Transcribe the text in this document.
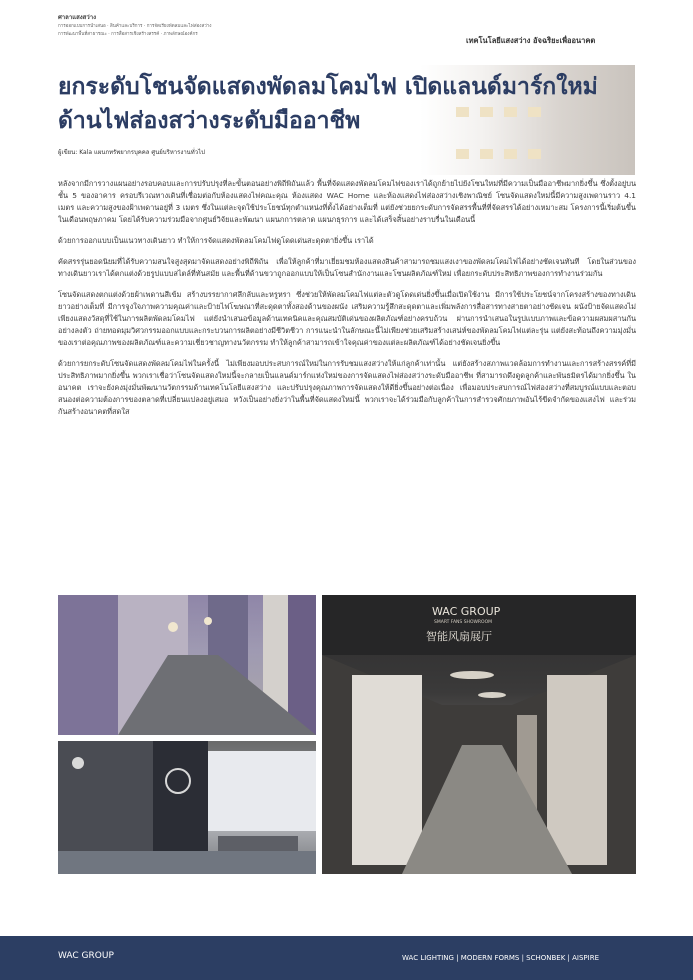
ศาลาแสงสว่าง
การออกแบบการนำเสนอ · สินค้าและบริการ · การจัดเรียงพัดลมและไฟส่องสว่าง
การพัฒนาพื้นที่สาธารณะ · การสื่อสารเชิงสร้างสรรค์ · ภาพลักษณ์องค์กร
เทคโนโลยีแสงสว่าง อัจฉริยะเพื่ออนาคต
ยกระดับโชนจัดแสดงพัดลมโคมไฟ เปิดแลนด์มาร์กใหม่ด้านไฟส่องสว่างระดับมืออาชีพ
ผู้เขียน: Kala แผนกทรัพยากรบุคคล ศูนย์บริหารงานทั่วไป

หลังจากมีการวางแผนอย่างรอบคอบและการปรับปรุงที่ละขั้นตอนอย่างพิถีพิถันแล้ว พื้นที่จัดแสดงพัดลมโคมไฟของเราได้ถูกย้ายไปยังโซนใหม่ที่มีความเป็นมืออาชีพมากยิ่งขึ้น ซึ่งตั้งอยู่บนชั้น 5 ของอาคาร ครอบรีเวณทางเดินที่เชื่อมต่อกับห้องแสดงไฟคณะคุณ ห้องแสดง WAC Home และห้องแสดงไฟส่องสว่างเชิงพาณิชย์ โซนจัดแสดงใหม่นี้มีความสูงเพดานราว 4.1 เมตร และความสูงของฝ้าเพดานอยู่ที่ 3 เมตร ซึ่งในแต่ละจุดใช้ประโยชน์ทุกตำแหน่งที่ตั้งได้อย่างเต็มที่ แต่ยังช่วยยกระดับการจัดสรรพื้นที่ที่จัดสรรได้อย่างเหมาะสม โครงการนี้เริ่มต้นขึ้นในเดือนพฤษภาคม โดยได้รับความร่วมมือจากศูนย์วิจัยและพัฒนา แผนกการตลาด แผนกธุรการ และได้เสร็จสิ้นอย่างราบรื่นในเดือนนี้

ด้วยการออกแบบเป็นแนวทางเดินยาว ทำให้การจัดแสดงพัดลมโคมไฟดูโดดเด่นสะดุดตายิ่งขึ้น เราได้

คัดสรรรุ่นยอดนิยมที่ได้รับความสนใจสูงสุดมาจัดแสดงอย่างพิถีพิถัน เพื่อให้ลูกค้าที่มาเยี่ยมชมห้องแสดงสินค้าสามารถชมแสงเงาของพัดลมโคมไฟได้อย่างชัดเจนทันที โดยในส่วนของทางเดินยาวเราได้ตกแต่งด้วยรูปแบบสไตล์ที่ทันสมัย และพื้นที่ด้านขวาถูกออกแบบให้เป็นโซนสำนักงานและโซนผลิตภัณฑ์ใหม่ เพื่อยกระดับประสิทธิภาพของการทำงานร่วมกัน

โซนจัดแสดงตกแต่งด้วยผ้าเพดานสีเข้ม สร้างบรรยากาศลึกลับและหรูหรา ซึ่งช่วยให้พัดลมโคมไฟแต่ละตัวดูโดดเด่นยิ่งขึ้นเมื่อเปิดใช้งาน มีการใช้ประโยชน์จากโครงสร้างของทางเดินยาวอย่างเต็มที่ มีการจูงใจภาพความคุณค่าและป้ายไฟโฆษณาที่สะดุดตาทั้งสองด้านของผนัง เสริมความรู้สึกสะดุดตาและเพิ่มพลังการสื่อสารทางสายตาอย่างชัดเจน ผนังป้ายจัดแสดงไม่เพียงแสดงวัสดุที่ใช้ในการผลิตพัดลมโคมไฟ แต่ยังนำเสนอข้อมูลด้านเทคนิคและคุณสมบัติเด่นของผลิตภัณฑ์อย่างครบถ้วน ผ่านการนำเสนอในรูปแบบภาพและข้อความผสมผสานกันอย่างลงตัว ถ่ายทอดมุมวิศวกรรมออกแบบและกระบวนการผลิตอย่างมีชีวิตชีวา การแนะนำในลักษณะนี้ไม่เพียงช่วยเสริมสร้างเสน่ห์ของพัดลมโคมไฟแต่ละรุ่น แต่ยังสะท้อนถึงความมุ่งมั่นของเราต่อคุณภาพของผลิตภัณฑ์และความเชี่ยวชาญทางนวัตกรรม ทำให้ลูกค้าสามารถเข้าใจคุณค่าของแต่ละผลิตภัณฑ์ได้อย่างชัดเจนยิ่งขึ้น

ด้วยการยกระดับโซนจัดแสดงพัดลมโคมไฟในครั้งนี้ ไม่เพียงมอบประสบการณ์ใหม่ในการรับชมแสงสว่างให้แก่ลูกค้าเท่านั้น แต่ยังสร้างสภาพแวดล้อมการทำงานและการสร้างสรรค์ที่มีประสิทธิภาพมากยิ่งขึ้น พวกเราเชื่อว่าโซนจัดแสดงใหม่นี้จะกลายเป็นแลนด์มาร์กแห่งใหม่ของการจัดแสดงไฟส่องสว่างระดับมืออาชีพ ที่สามารถดึงดูดลูกค้าและพันธมิตรได้มากยิ่งขึ้น ในอนาคต เราจะยังคงมุ่งมั่นพัฒนานวัตกรรมด้านเทคโนโลยีแสงสว่าง และปรับปรุงคุณภาพการจัดแสดงให้ดียิ่งขึ้นอย่างต่อเนื่อง เพื่อมอบประสบการณ์ไฟส่องสว่างที่สมบูรณ์แบบและตอบสนองต่อความต้องการของตลาดที่เปลี่ยนแปลงอยู่เสมอ หวังเป็นอย่างยิ่งว่าในพื้นที่จัดแสดงใหม่นี้ พวกเราจะได้ร่วมมือกับลูกค้าในการสำรวจศักยภาพอันไร้ขีดจำกัดของแสงไฟ และร่วมกันสร้างอนาคตที่สดใส

WAC GROUP
SMART FANS SHOWROOM
智能风扇展厅
WAC GROUP	WAC LIGHTING | MODERN FORMS | SCHONBEK | AISPIRE
